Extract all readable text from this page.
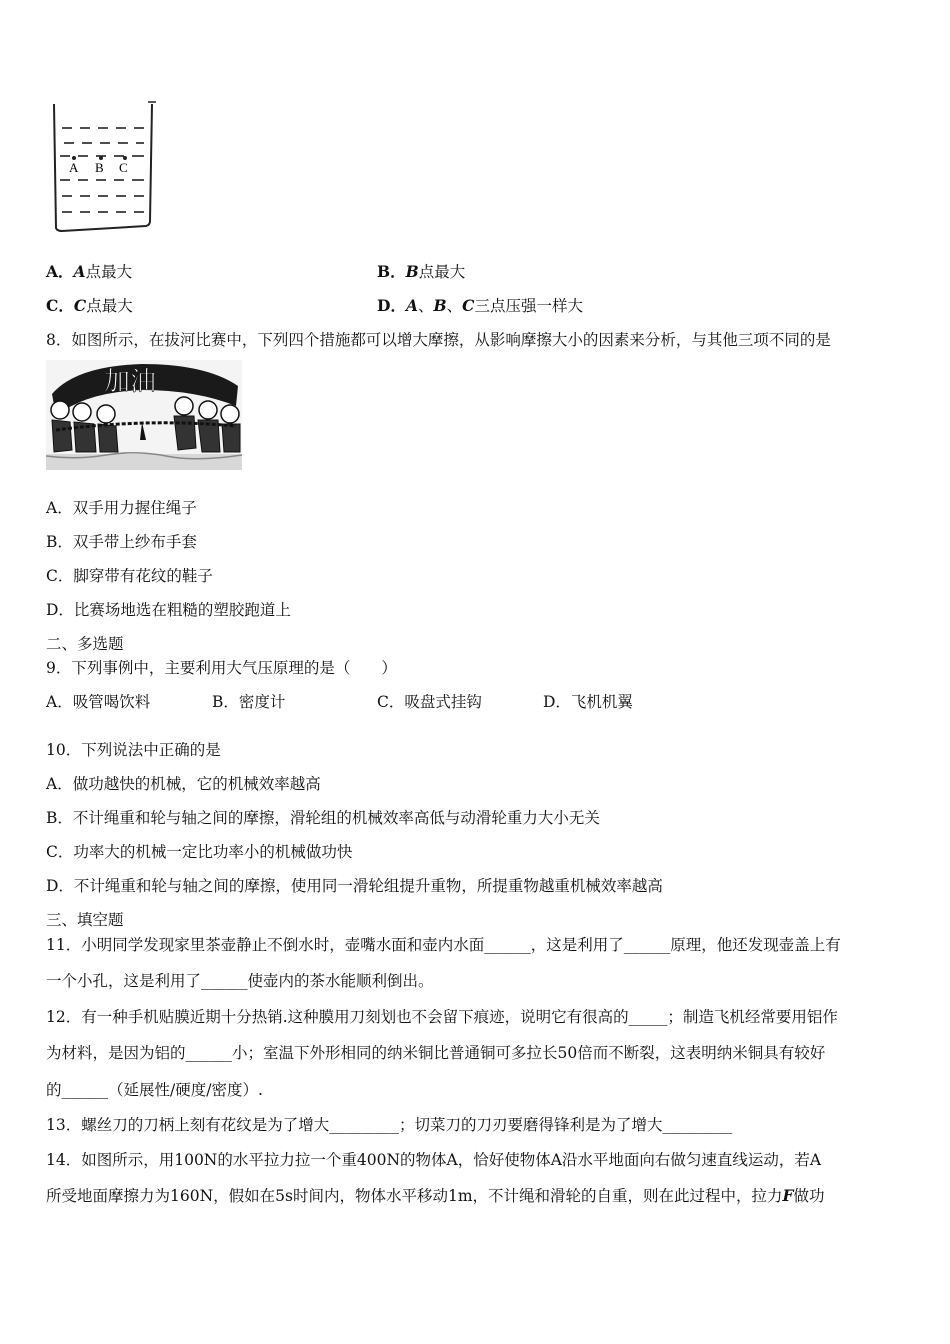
A B C
A．A点最大	B．B点最大
C．C点最大	D．A、B、C三点压强一样大
8．如图所示，在拔河比赛中，下列四个措施都可以增大摩擦，从影响摩擦大小的因素来分析，与其他三项不同的是
加油
A．双手用力握住绳子
B．双手带上纱布手套
C．脚穿带有花纹的鞋子
D．比赛场地选在粗糙的塑胶跑道上
二、多选题
9．下列事例中，主要利用大气压原理的是（　　）
A．吸管喝饮料	B．密度计	C．吸盘式挂钩	D．飞机机翼
10．下列说法中正确的是
A．做功越快的机械，它的机械效率越高
B．不计绳重和轮与轴之间的摩擦，滑轮组的机械效率高低与动滑轮重力大小无关
C．功率大的机械一定比功率小的机械做功快
D．不计绳重和轮与轴之间的摩擦，使用同一滑轮组提升重物，所提重物越重机械效率越高
三、填空题
11．小明同学发现家里茶壶静止不倒水时，壶嘴水面和壶内水面______，这是利用了______原理，他还发现壶盖上有
一个小孔，这是利用了______使壶内的茶水能顺利倒出。
12．有一种手机贴膜近期十分热销.这种膜用刀刻划也不会留下痕迹，说明它有很高的_____；制造飞机经常要用铝作
为材料，是因为铝的______小；室温下外形相同的纳米铜比普通铜可多拉长50倍而不断裂，这表明纳米铜具有较好
的______（延展性/硬度/密度）.
13．螺丝刀的刀柄上刻有花纹是为了增大_________；切菜刀的刀刃要磨得锋利是为了增大_________
14．如图所示，用100N的水平拉力拉一个重400N的物体A，恰好使物体A沿水平地面向右做匀速直线运动，若A
所受地面摩擦力为160N，假如在5s时间内，物体水平移动1m，不计绳和滑轮的自重，则在此过程中，拉力F做功
